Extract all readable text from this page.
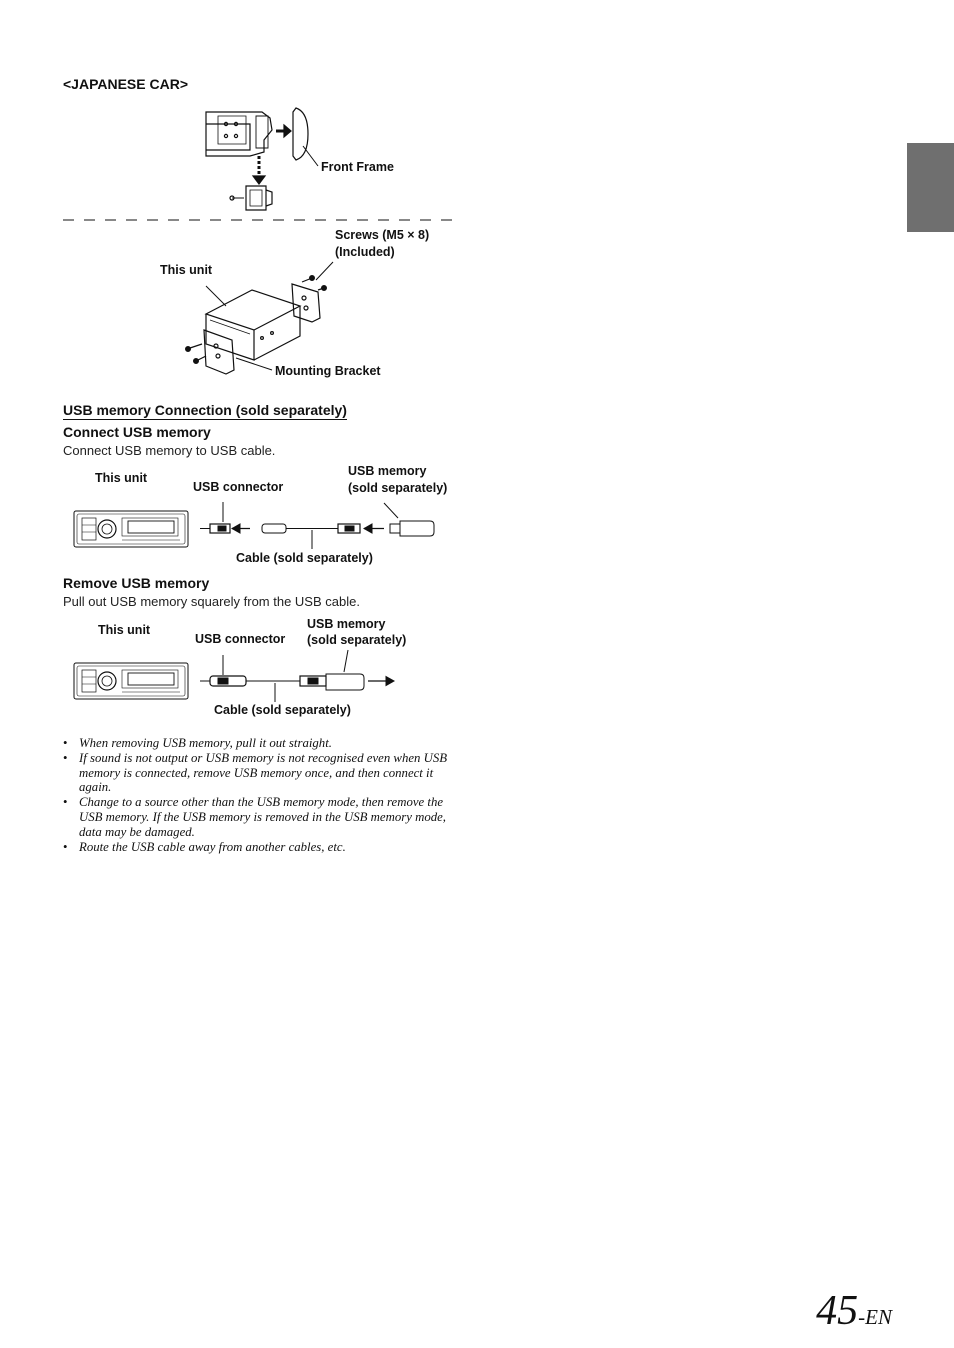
<JAPANESE CAR>
Front Frame
Screws (M5 × 8)
(Included)
This unit
Mounting Bracket
USB memory Connection (sold separately)
Connect USB memory
Connect USB memory to USB cable.
This unit
USB connector
USB memory
(sold separately)
Cable (sold separately)
Remove USB memory
Pull out USB memory squarely from the USB cable.
This unit
USB connector
USB memory
(sold separately)
Cable (sold separately)
• When removing USB memory, pull it out straight.
• If sound is not output or USB memory is not recognised even when USB memory is connected, remove USB memory once, and then connect it again.
• Change to a source other than the USB memory mode, then remove the USB memory. If the USB memory is removed in the USB memory mode, data may be damaged.
• Route the USB cable away from another cables, etc.
45-EN
